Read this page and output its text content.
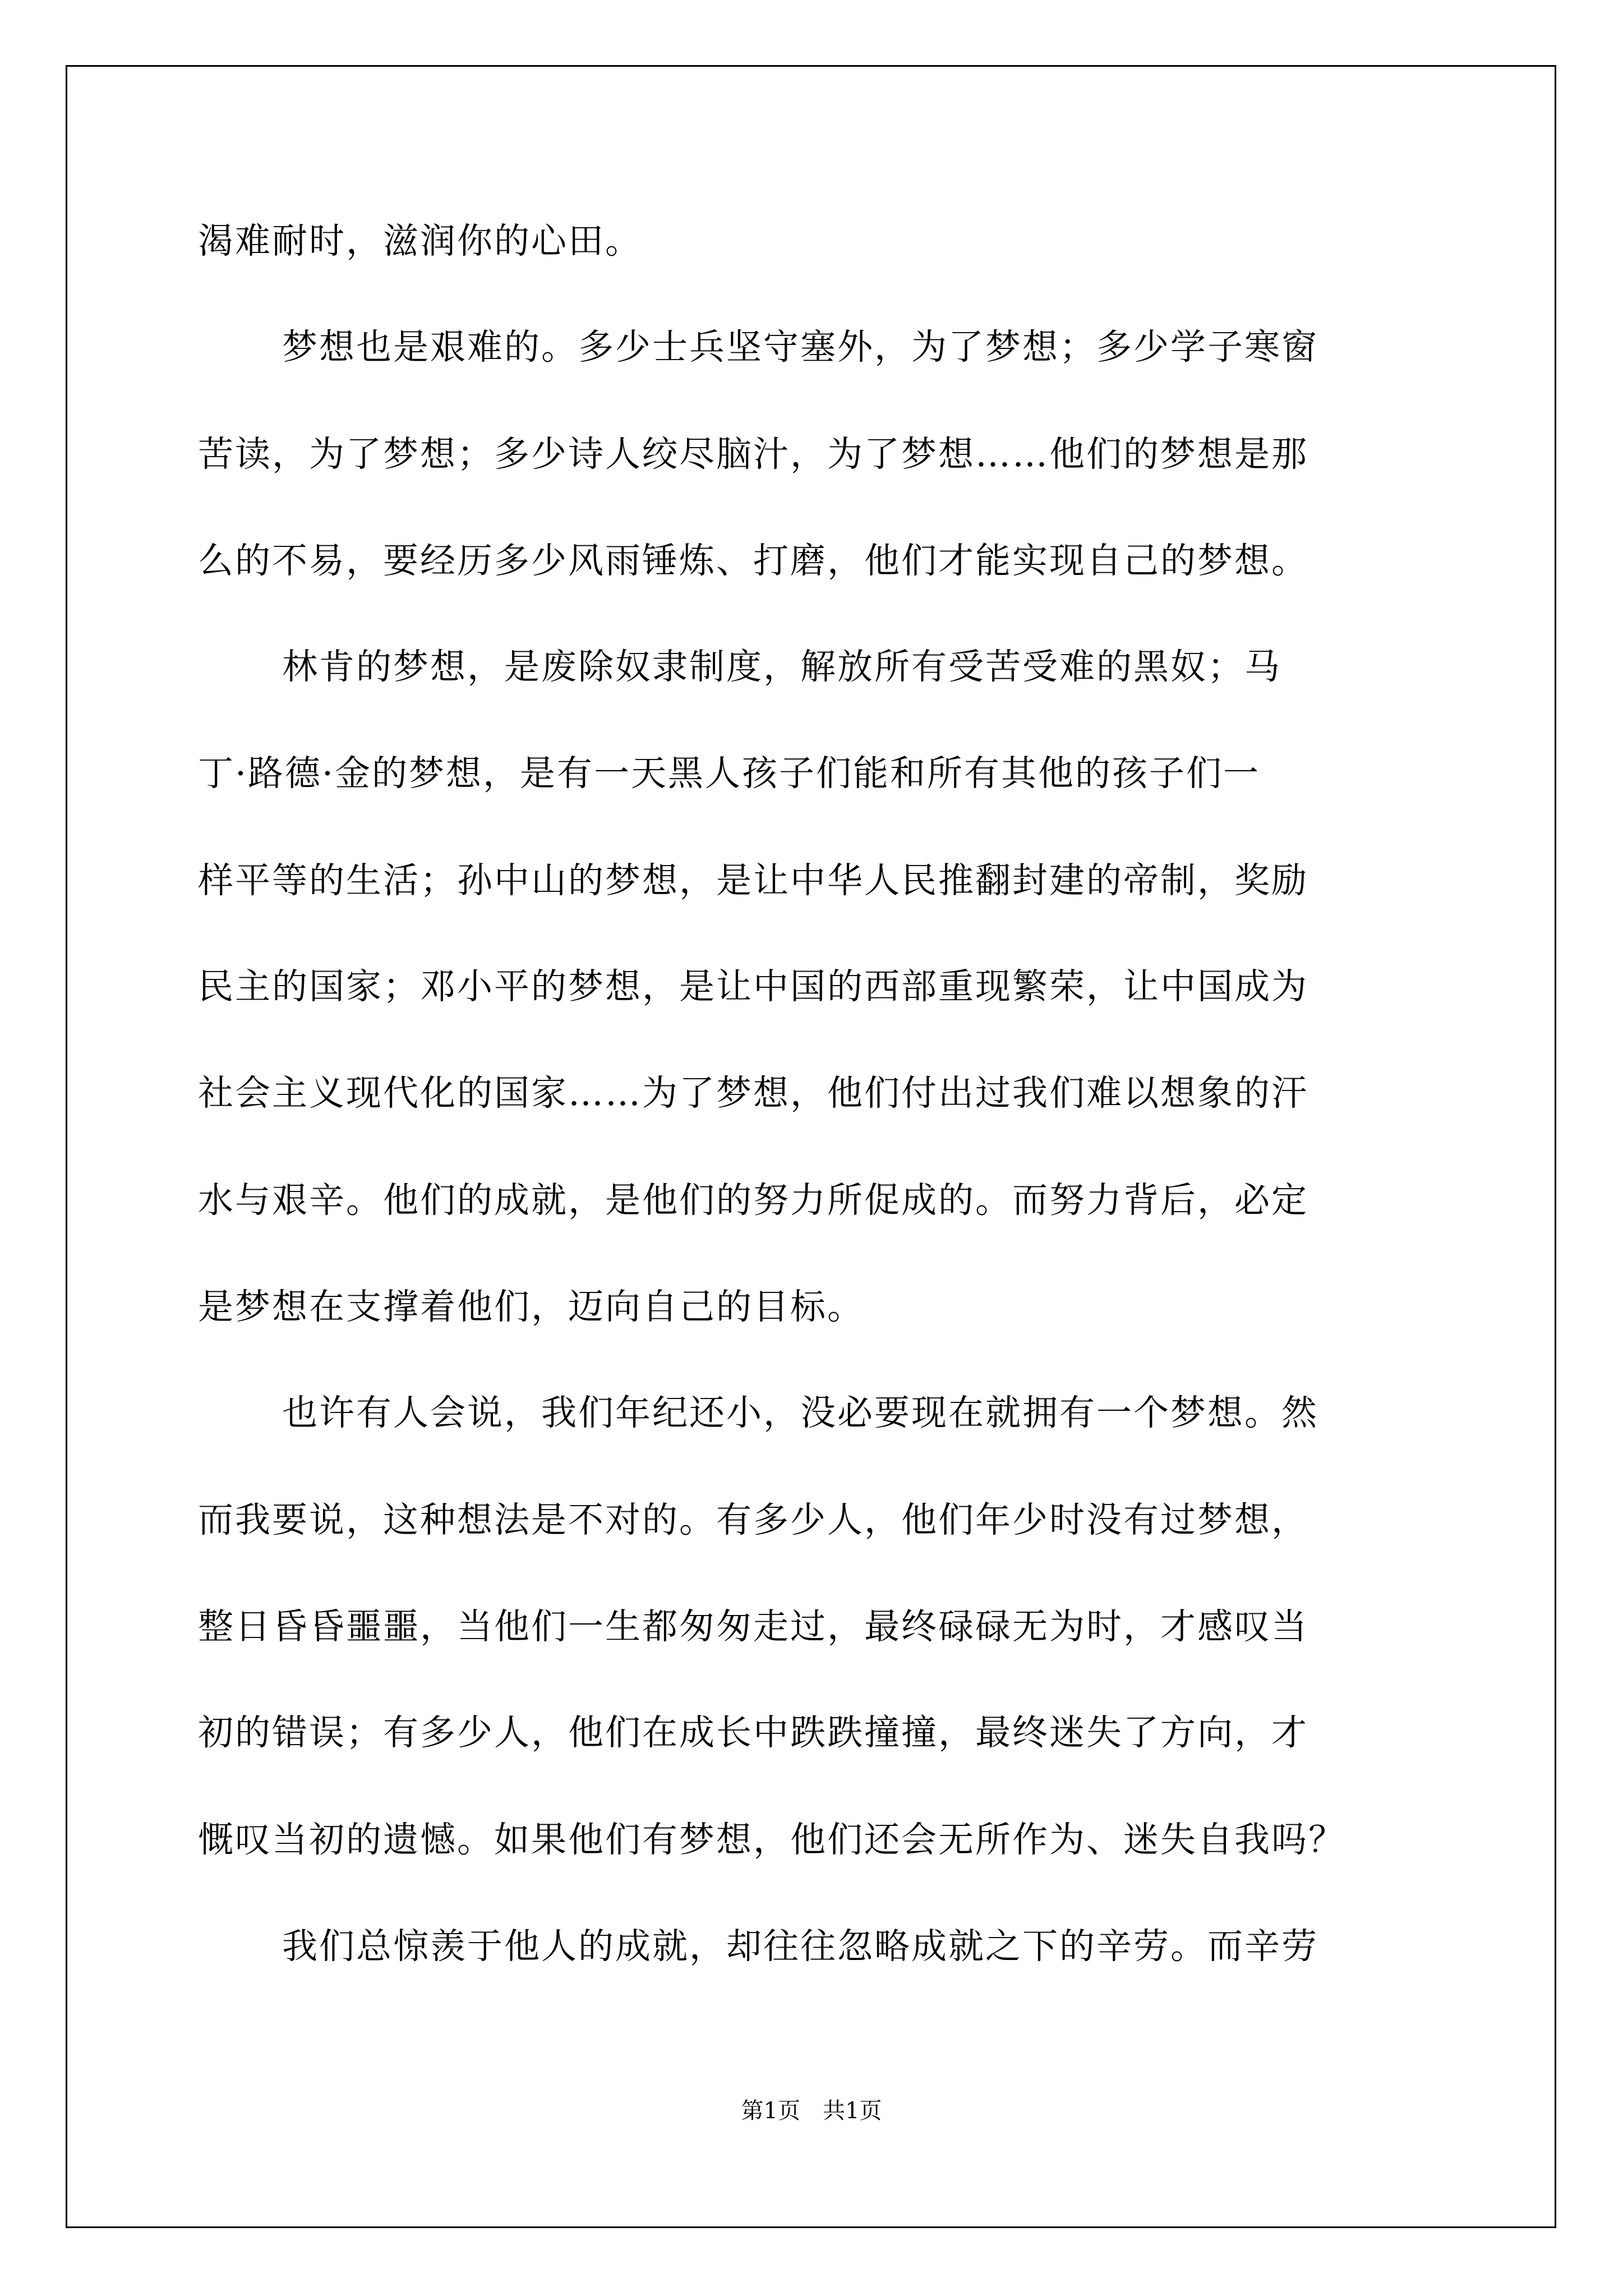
渴难耐时，滋润你的心田。
梦想也是艰难的。多少士兵坚守塞外，为了梦想；多少学子寒窗
苦读，为了梦想；多少诗人绞尽脑汁，为了梦想……他们的梦想是那
么的不易，要经历多少风雨锤炼、打磨，他们才能实现自己的梦想。
林肯的梦想，是废除奴隶制度，解放所有受苦受难的黑奴；马
丁·路德·金的梦想，是有一天黑人孩子们能和所有其他的孩子们一
样平等的生活；孙中山的梦想，是让中华人民推翻封建的帝制，奖励
民主的国家；邓小平的梦想，是让中国的西部重现繁荣，让中国成为
社会主义现代化的国家……为了梦想，他们付出过我们难以想象的汗
水与艰辛。他们的成就，是他们的努力所促成的。而努力背后，必定
是梦想在支撑着他们，迈向自己的目标。
也许有人会说，我们年纪还小，没必要现在就拥有一个梦想。然
而我要说，这种想法是不对的。有多少人，他们年少时没有过梦想，
整日昏昏噩噩，当他们一生都匆匆走过，最终碌碌无为时，才感叹当
初的错误；有多少人，他们在成长中跌跌撞撞，最终迷失了方向，才
慨叹当初的遗憾。如果他们有梦想，他们还会无所作为、迷失自我吗？
我们总惊羡于他人的成就，却往往忽略成就之下的辛劳。而辛劳
第1页　共1页
